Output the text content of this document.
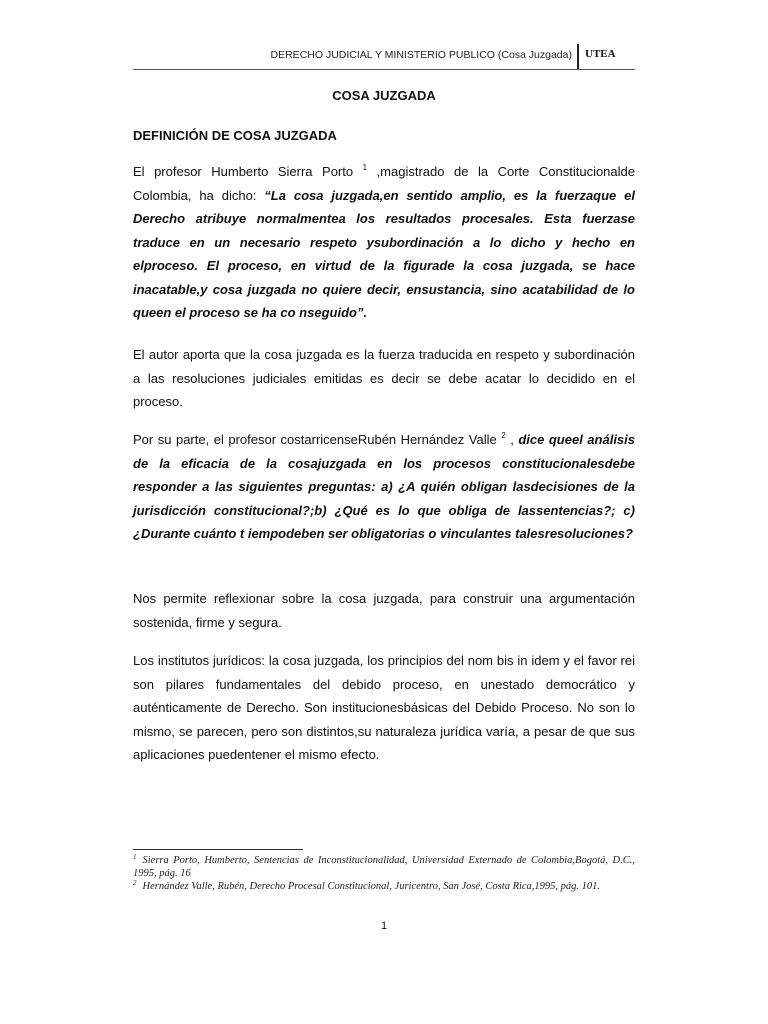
DERECHO JUDICIAL Y MINISTERIO PUBLICO (Cosa Juzgada) UTEA
COSA JUZGADA
DEFINICIÓN DE COSA JUZGADA
El profesor Humberto Sierra Porto $^1$ ,magistrado de la Corte Constitucionalde Colombia, ha dicho: “La cosa juzgada,en sentido amplio, es la fuerzaque el Derecho atribuye normalmentea los resultados procesales. Esta fuerzase traduce en un necesario respeto ysubordinación a lo dicho y hecho en elproceso. El proceso, en virtud de la figurade la cosa juzgada, se hace inacatable,y cosa juzgada no quiere decir, ensustancia, sino acatabilidad de lo queen el proceso se ha co nseguido”.
El autor aporta que la cosa juzgada es la fuerza traducida en respeto y subordinación a las resoluciones judiciales emitidas es decir se debe acatar lo decidido en el proceso.
Por su parte, el profesor costarricenseRubén Hernández Valle $^2$ , dice queel análisis de la eficacia de la cosajuzgada en los procesos constitucionalesdebe responder a las siguientes preguntas: a) ¿A quién obligan lasdecisiones de la jurisdicción constitucional?;b) ¿Qué es lo que obliga de lassentencias?; c) ¿Durante cuánto t iempodeben ser obligatorias o vinculantes talesresoluciones?
Nos permite reflexionar sobre la cosa juzgada, para construir una argumentación sostenida, firme y segura.
Los institutos jurídicos: la cosa juzgada, los principios del nom bis in idem y el favor rei son pilares fundamentales del debido proceso, en unestado democrático y auténticamente de Derecho. Son institucionesbásicas del Debido Proceso. No son lo mismo, se parecen, pero son distintos,su naturaleza jurídica varía, a pesar de que sus aplicaciones puedentener el mismo efecto.
$^1$ Sierra Porto, Humberto, Sentencias de Inconstitucionalidad, Universidad Externado de Colombia,Bogotá, D.C., 1995, pág. 16
$^2$ Hernández Valle, Rubén, Derecho Procesal Constitucional, Juricentro, San José, Costa Rica,1995, pág. 101.
1
